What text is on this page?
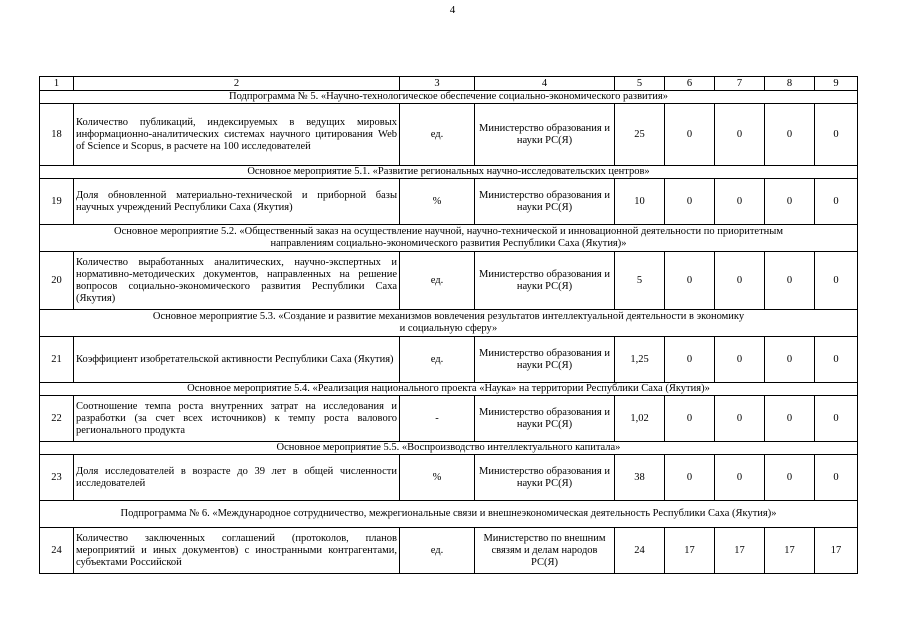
4
1	2	3	4	5	6	7	8	9
Подпрограмма № 5. «Научно-технологическое обеспечение социально-экономического развития»								
18	Количество публикаций, индексируемых в ведущих мировых информационно-аналитических системах научного цитирования Web of Science и Scopus, в расчете на 100 исследователей	ед.	Министерство образования и науки РС(Я)	25	0	0	0	0
Основное мероприятие 5.1. «Развитие региональных научно-исследовательских центров»								
19	Доля обновленной материально-технической и приборной базы научных учреждений Республики Саха (Якутия)	%	Министерство образования и науки РС(Я)	10	0	0	0	0
Основное мероприятие 5.2. «Общественный заказ на осуществление научной, научно-технической и инновационной деятельности по приоритетным направлениям социально-экономического развития Республики Саха (Якутия)»								
20	Количество выработанных аналитических, научно-экспертных и нормативно-методических документов, направленных на решение вопросов социально-экономического развития Республики Саха (Якутия)	ед.	Министерство образования и науки РС(Я)	5	0	0	0	0
Основное мероприятие 5.3. «Создание и развитие механизмов вовлечения результатов интеллектуальной деятельности в экономику и социальную сферу»								
21	Коэффициент изобретательской активности Республики Саха (Якутия)	ед.	Министерство образования и науки РС(Я)	1,25	0	0	0	0
Основное мероприятие 5.4. «Реализация национального проекта «Наука» на территории Республики Саха (Якутия)»								
22	Соотношение темпа роста внутренних затрат на исследования и разработки (за счет всех источников) к темпу роста валового регионального продукта	-	Министерство образования и науки РС(Я)	1,02	0	0	0	0
Основное мероприятие 5.5. «Воспроизводство интеллектуального капитала»								
23	Доля исследователей в возрасте до 39 лет в общей численности исследователей	%	Министерство образования и науки РС(Я)	38	0	0	0	0
Подпрограмма № 6. «Международное сотрудничество, межрегиональные связи и внешнеэкономическая деятельность Республики Саха (Якутия)»								
24	Количество заключенных соглашений (протоколов, планов мероприятий и иных документов) с иностранными контрагентами, субъектами Российской	ед.	Министерство по внешним связям и делам народов РС(Я)	24	17	17	17	17
